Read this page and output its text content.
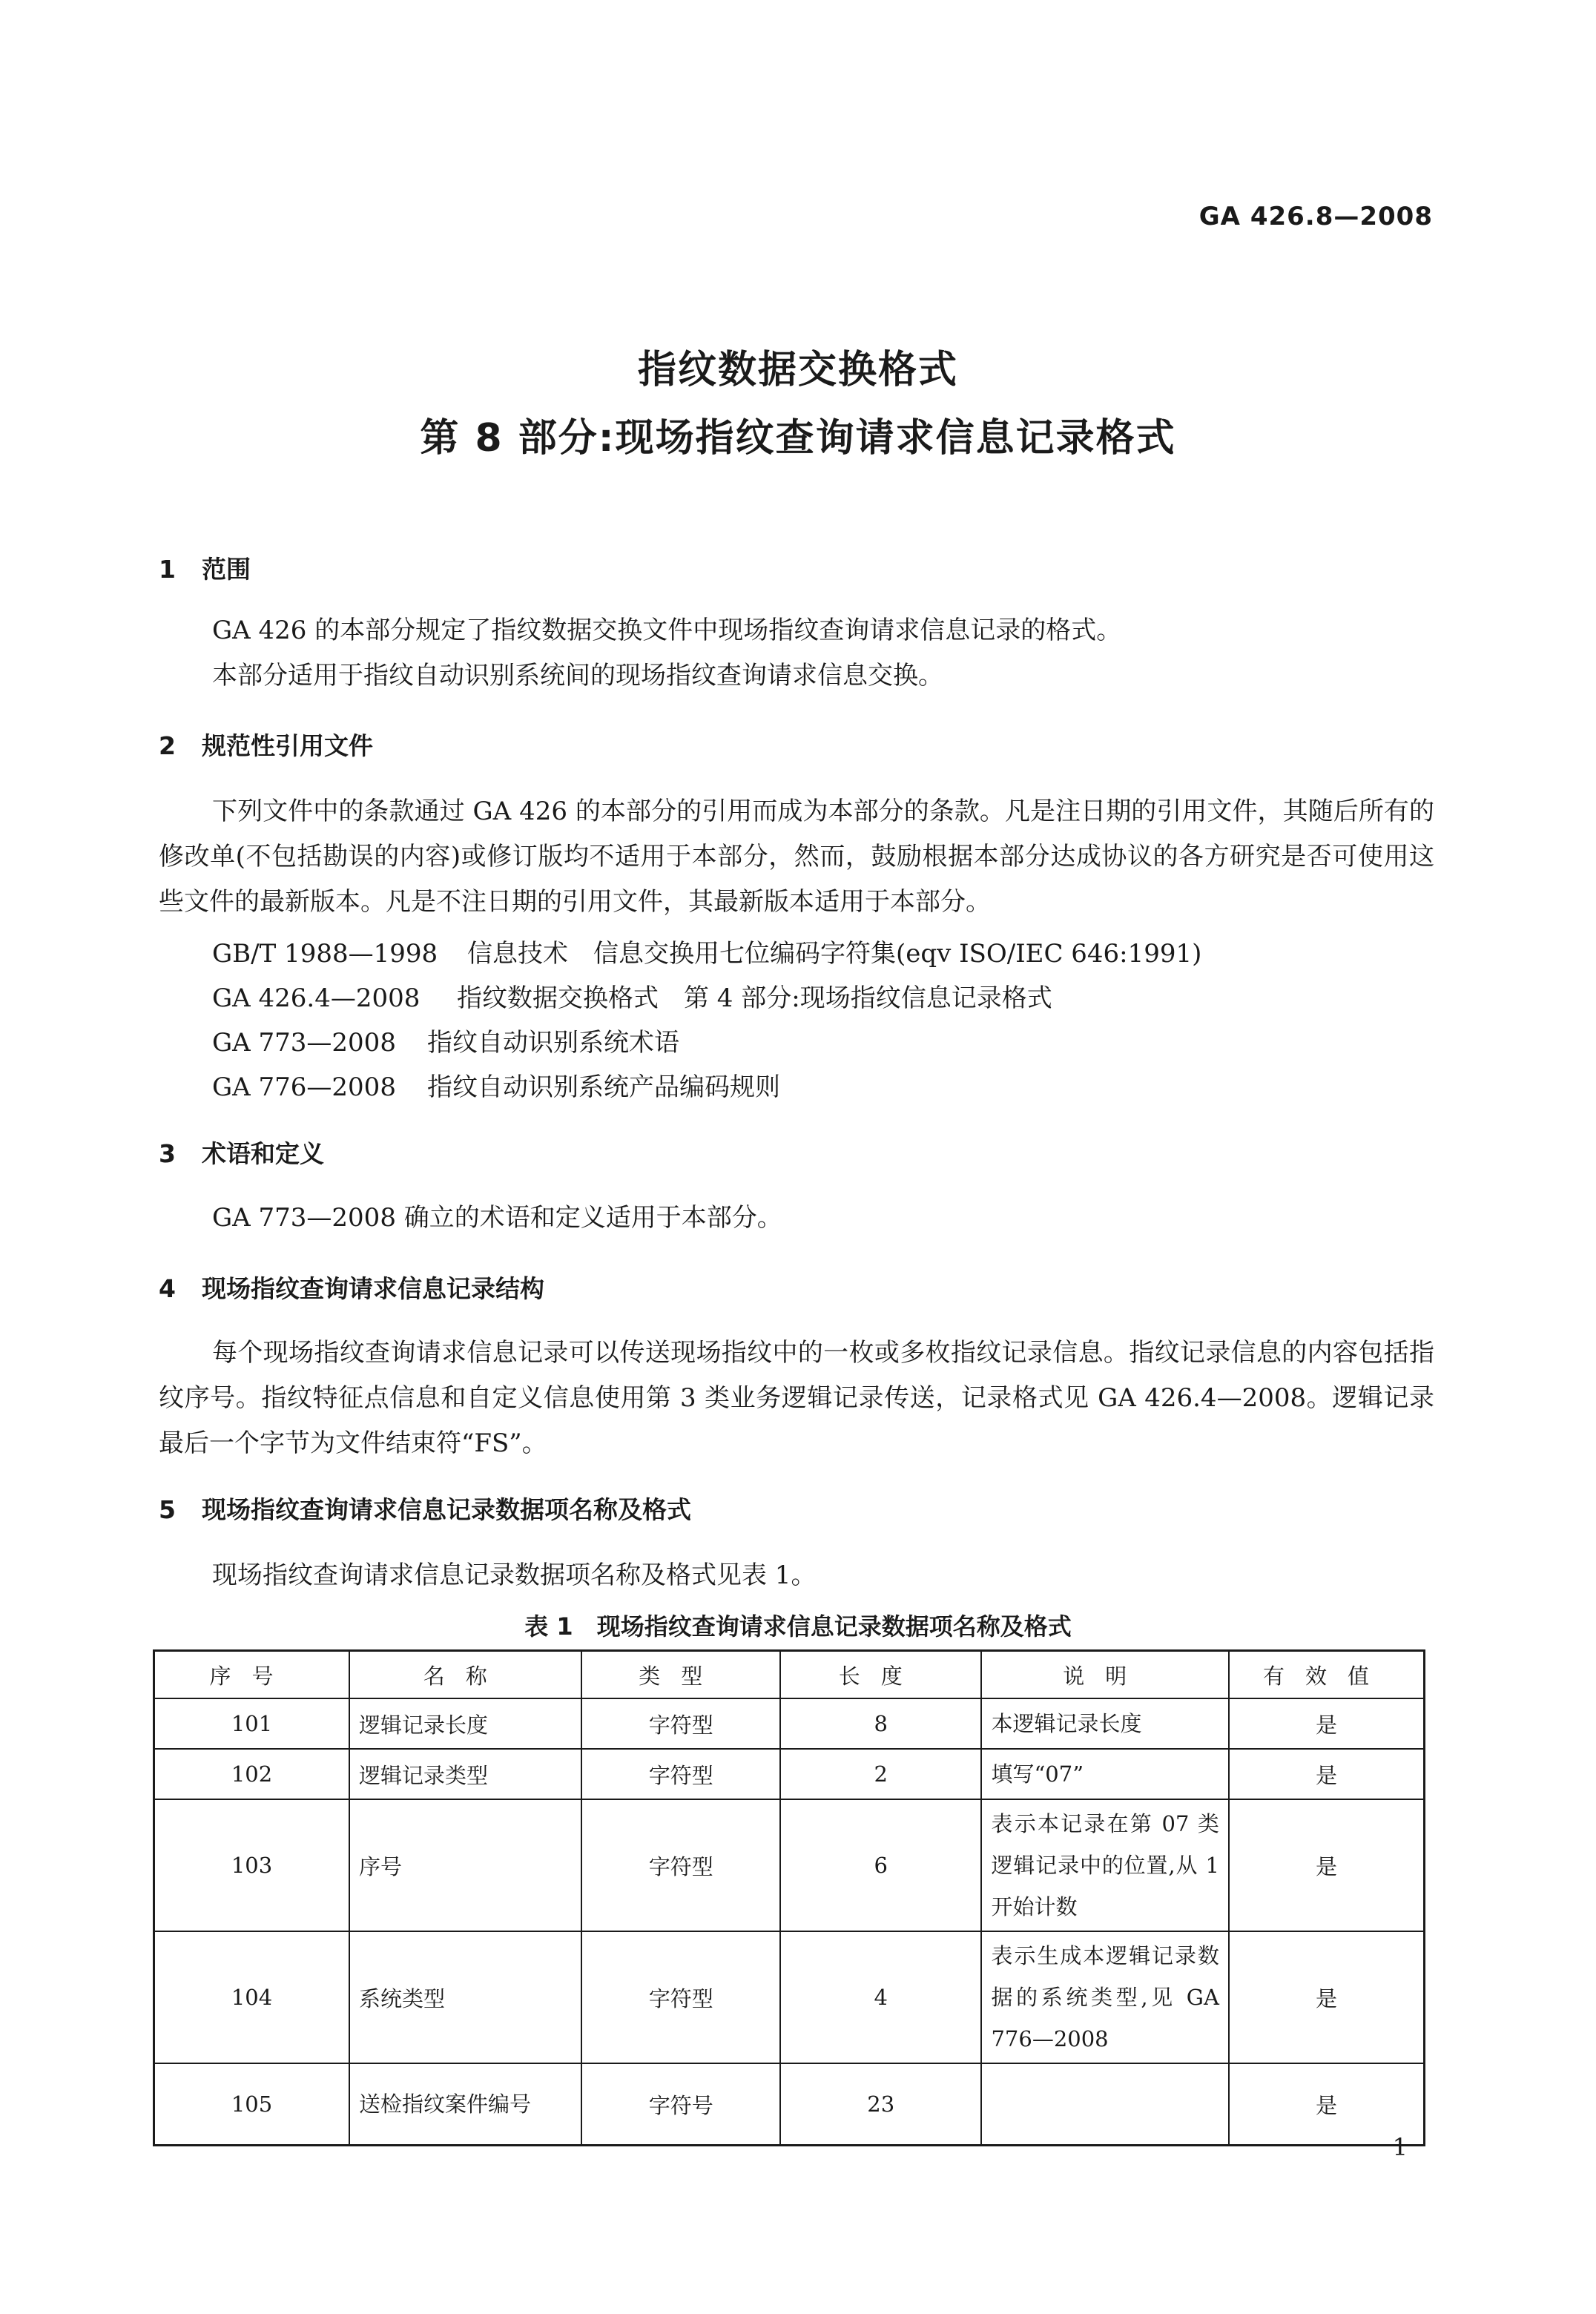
GA 426.8—2008
指纹数据交换格式
第 8 部分:现场指纹查询请求信息记录格式
1 范围
GA 426 的本部分规定了指纹数据交换文件中现场指纹查询请求信息记录的格式。
本部分适用于指纹自动识别系统间的现场指纹查询请求信息交换。
2 规范性引用文件
下列文件中的条款通过 GA 426 的本部分的引用而成为本部分的条款。凡是注日期的引用文件，其随后所有的修改单(不包括勘误的内容)或修订版均不适用于本部分，然而，鼓励根据本部分达成协议的各方研究是否可使用这些文件的最新版本。凡是不注日期的引用文件，其最新版本适用于本部分。
GB/T 1988—1998 信息技术　信息交换用七位编码字符集(eqv ISO/IEC 646:1991)
GA 426.4—2008 指纹数据交换格式　第 4 部分:现场指纹信息记录格式
GA 773—2008 指纹自动识别系统术语
GA 776—2008 指纹自动识别系统产品编码规则
3 术语和定义
GA 773—2008 确立的术语和定义适用于本部分。
4 现场指纹查询请求信息记录结构
每个现场指纹查询请求信息记录可以传送现场指纹中的一枚或多枚指纹记录信息。指纹记录信息的内容包括指纹序号。指纹特征点信息和自定义信息使用第 3 类业务逻辑记录传送，记录格式见 GA 426.4—2008。逻辑记录最后一个字节为文件结束符“FS”。
5 现场指纹查询请求信息记录数据项名称及格式
现场指纹查询请求信息记录数据项名称及格式见表 1。
表 1　现场指纹查询请求信息记录数据项名称及格式
序号	名称	类型	长度	说明	有效值
101	逻辑记录长度	字符型	8	本逻辑记录长度	是
102	逻辑记录类型	字符型	2	填写“07”	是
103	序号	字符型	6	表示本记录在第 07 类逻辑记录中的位置,从 1 开始计数	是
104	系统类型	字符型	4	表示生成本逻辑记录数据的系统类型,见 GA 776—2008	是
105	送检指纹案件编号	字符号	23		是
1
